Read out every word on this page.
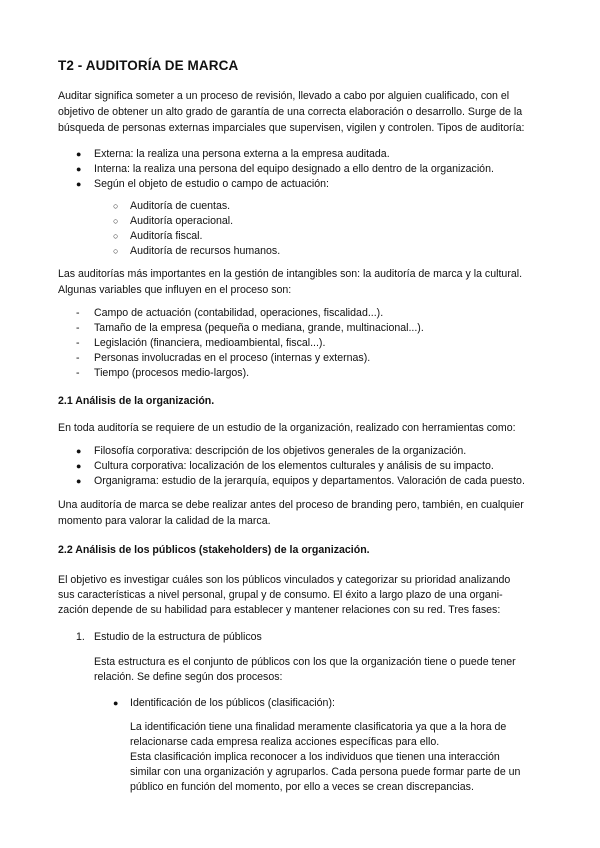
T2 - AUDITORÍA DE MARCA
Auditar significa someter a un proceso de revisión, llevado a cabo por alguien cualificado, con el
objetivo de obtener un alto grado de garantía de una correcta elaboración o desarrollo. Surge de la
búsqueda de personas externas imparciales que supervisen, vigilen y controlen. Tipos de auditoría:
● Externa: la realiza una persona externa a la empresa auditada.
● Interna: la realiza una persona del equipo designado a ello dentro de la organización.
● Según el objeto de estudio o campo de actuación:
○ Auditoría de cuentas.
○ Auditoría operacional.
○ Auditoría fiscal.
○ Auditoría de recursos humanos.
Las auditorías más importantes en la gestión de intangibles son: la auditoría de marca y la cultural.
Algunas variables que influyen en el proceso son:
- Campo de actuación (contabilidad, operaciones, fiscalidad...).
- Tamaño de la empresa (pequeña o mediana, grande, multinacional...).
- Legislación (financiera, medioambiental, fiscal...).
- Personas involucradas en el proceso (internas y externas).
- Tiempo (procesos medio-largos).
2.1 Análisis de la organización.
En toda auditoría se requiere de un estudio de la organización, realizado con herramientas como:
● Filosofía corporativa: descripción de los objetivos generales de la organización.
● Cultura corporativa: localización de los elementos culturales y análisis de su impacto.
● Organigrama: estudio de la jerarquía, equipos y departamentos. Valoración de cada puesto.
Una auditoría de marca se debe realizar antes del proceso de branding pero, también, en cualquier
momento para valorar la calidad de la marca.
2.2 Análisis de los públicos (stakeholders) de la organización.
El objetivo es investigar cuáles son los públicos vinculados y categorizar su prioridad analizando
sus características a nivel personal, grupal y de consumo. El éxito a largo plazo de una organi-
zación depende de su habilidad para establecer y mantener relaciones con su red. Tres fases:
1. Estudio de la estructura de públicos
Esta estructura es el conjunto de públicos con los que la organización tiene o puede tener
relación. Se define según dos procesos:
● Identificación de los públicos (clasificación):
La identificación tiene una finalidad meramente clasificatoria ya que a la hora de
relacionarse cada empresa realiza acciones específicas para ello.
Esta clasificación implica reconocer a los individuos que tienen una interacción
similar con una organización y agruparlos. Cada persona puede formar parte de un
público en función del momento, por ello a veces se crean discrepancias.
